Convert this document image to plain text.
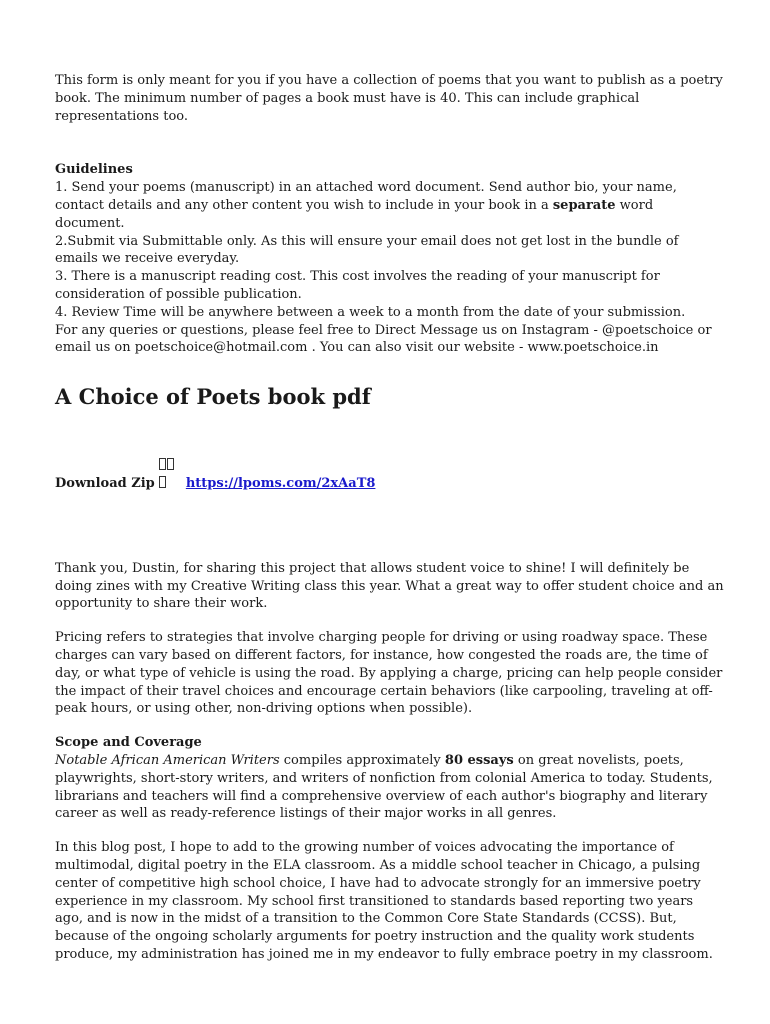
This form is only meant for you if you have a collection of poems that you want to publish as a poetry book. The minimum number of pages a book must have is 40. This can include graphical representations too.

Guidelines

1. Send your poems (manuscript) in an attached word document. Send author bio, your name, contact details and any other content you wish to include in your book in a separate word document.

2.Submit via Submittable only. As this will ensure your email does not get lost in the bundle of emails we receive everyday.

3. There is a manuscript reading cost. This cost involves the reading of your manuscript for consideration of possible publication.

4. Review Time will be anywhere between a week to a month from the date of your submission.

For any queries or questions, please feel free to Direct Message us on Instagram - @poetschoice or email us on poetschoice@hotmail.com . You can also visit our website - www.poetschoice.in

A Choice of Poets book pdf

Download Zip https://lpoms.com/2xAaT8

Thank you, Dustin, for sharing this project that allows student voice to shine! I will definitely be doing zines with my Creative Writing class this year. What a great way to offer student choice and an opportunity to share their work.

Pricing refers to strategies that involve charging people for driving or using roadway space. These charges can vary based on different factors, for instance, how congested the roads are, the time of day, or what type of vehicle is using the road. By applying a charge, pricing can help people consider the impact of their travel choices and encourage certain behaviors (like carpooling, traveling at off-peak hours, or using other, non-driving options when possible).

Scope and Coverage

Notable African American Writers compiles approximately 80 essays on great novelists, poets, playwrights, short-story writers, and writers of nonfiction from colonial America to today. Students, librarians and teachers will find a comprehensive overview of each author's biography and literary career as well as ready-reference listings of their major works in all genres.

In this blog post, I hope to add to the growing number of voices advocating the importance of multimodal, digital poetry in the ELA classroom. As a middle school teacher in Chicago, a pulsing center of competitive high school choice, I have had to advocate strongly for an immersive poetry experience in my classroom. My school first transitioned to standards based reporting two years ago, and is now in the midst of a transition to the Common Core State Standards (CCSS). But, because of the ongoing scholarly arguments for poetry instruction and the quality work students produce, my administration has joined me in my endeavor to fully embrace poetry in my classroom.
